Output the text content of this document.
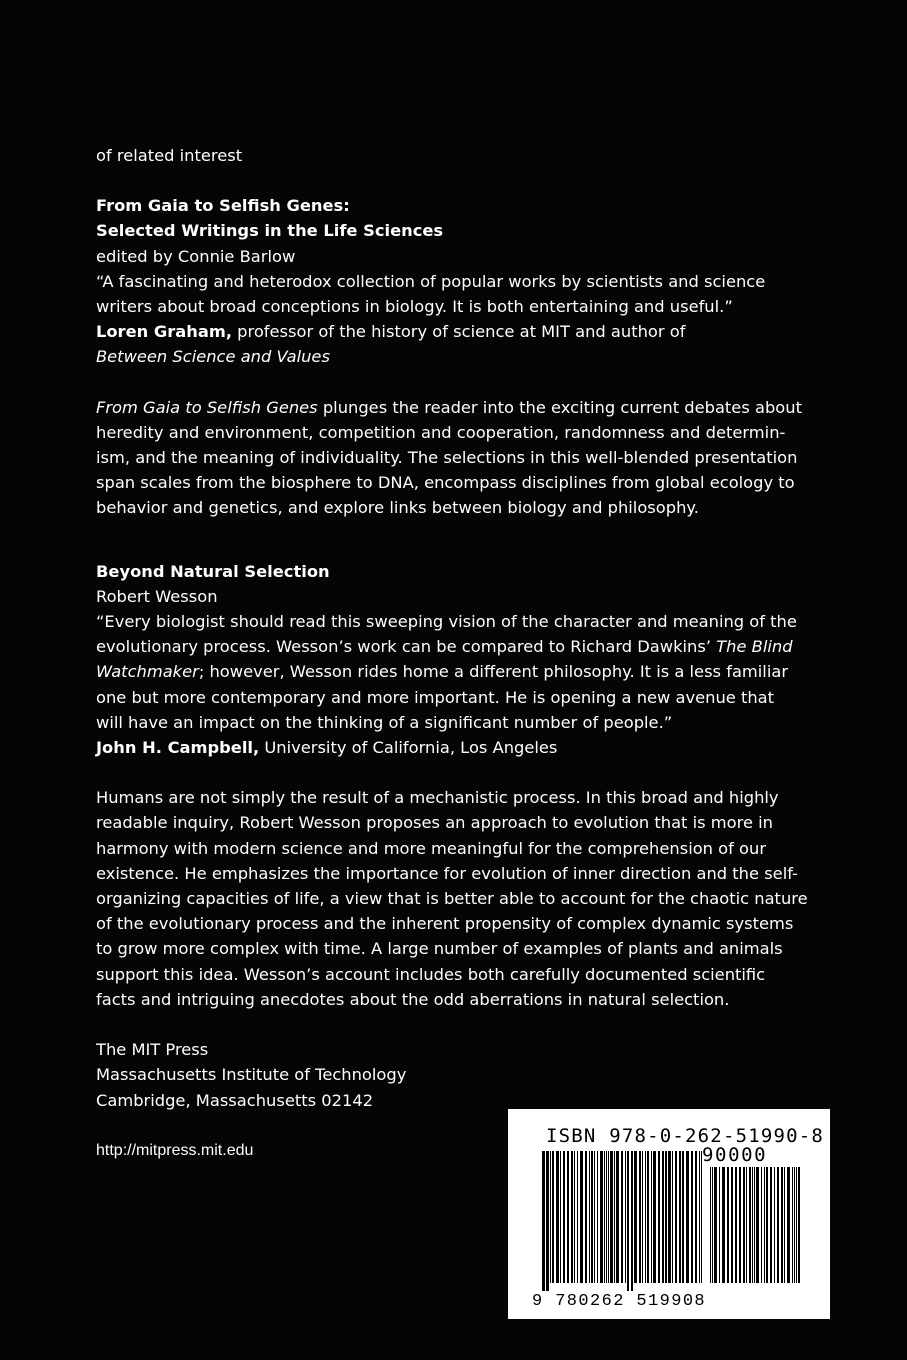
of related interest

From Gaia to Selfish Genes:

Selected Writings in the Life Sciences

edited by Connie Barlow

“A fascinating and heterodox collection of popular works by scientists and science

writers about broad conceptions in biology. It is both entertaining and useful.”

Loren Graham, professor of the history of science at MIT and author of

Between Science and Values

From Gaia to Selfish Genes plunges the reader into the exciting current debates about

heredity and environment, competition and cooperation, randomness and determin-

ism, and the meaning of individuality. The selections in this well-blended presentation

span scales from the biosphere to DNA, encompass disciplines from global ecology to

behavior and genetics, and explore links between biology and philosophy.

Beyond Natural Selection

Robert Wesson

“Every biologist should read this sweeping vision of the character and meaning of the

evolutionary process. Wesson’s work can be compared to Richard Dawkins’ The Blind

Watchmaker; however, Wesson rides home a different philosophy. It is a less familiar

one but more contemporary and more important. He is opening a new avenue that

will have an impact on the thinking of a significant number of people.”

John H. Campbell, University of California, Los Angeles

Humans are not simply the result of a mechanistic process. In this broad and highly

readable inquiry, Robert Wesson proposes an approach to evolution that is more in

harmony with modern science and more meaningful for the comprehension of our

existence. He emphasizes the importance for evolution of inner direction and the self-

organizing capacities of life, a view that is better able to account for the chaotic nature

of the evolutionary process and the inherent propensity of complex dynamic systems

to grow more complex with time. A large number of examples of plants and animals

support this idea. Wesson’s account includes both carefully documented scientific

facts and intriguing anecdotes about the odd aberrations in natural selection.

The MIT Press

Massachusetts Institute of Technology

Cambridge, Massachusetts 02142

http://mitpress.mit.edu

ISBN 978-0-262-51990-8
90000
9 780262 519908
